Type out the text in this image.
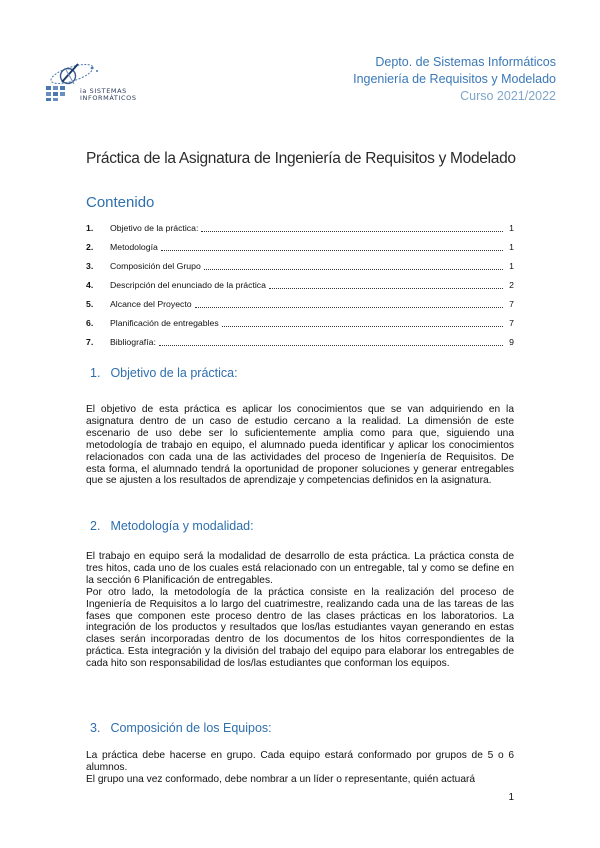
ia SISTEMAS
INFORMÁTICOS
Depto. de Sistemas Informáticos
Ingeniería de Requisitos y Modelado
Curso 2021/2022
Práctica de la Asignatura de Ingeniería de Requisitos y Modelado
Contenido
1.	Objetivo de la práctica:	1
2.	Metodología	1
3.	Composición del Grupo	1
4.	Descripción del enunciado de la práctica	2
5.	Alcance del Proyecto	7
6.	Planificación de entregables	7
7.	Bibliografía:	9
1. Objetivo de la práctica:

El objetivo de esta práctica es aplicar los conocimientos que se van adquiriendo en la asignatura dentro de un caso de estudio cercano a la realidad. La dimensión de este escenario de uso debe ser lo suficientemente amplia como para que, siguiendo una metodología de trabajo en equipo, el alumnado pueda identificar y aplicar los conocimientos relacionados con cada una de las actividades del proceso de Ingeniería de Requisitos. De esta forma, el alumnado tendrá la oportunidad de proponer soluciones y generar entregables que se ajusten a los resultados de aprendizaje y competencias definidos en la asignatura.

2. Metodología y modalidad:

El trabajo en equipo será la modalidad de desarrollo de esta práctica. La práctica consta de tres hitos, cada uno de los cuales está relacionado con un entregable, tal y como se define en la sección 6 Planificación de entregables.

Por otro lado, la metodología de la práctica consiste en la realización del proceso de Ingeniería de Requisitos a lo largo del cuatrimestre, realizando cada una de las tareas de las fases que componen este proceso dentro de las clases prácticas en los laboratorios. La integración de los productos y resultados que los/las estudiantes vayan generando en estas clases serán incorporadas dentro de los documentos de los hitos correspondientes de la práctica. Esta integración y la división del trabajo del equipo para elaborar los entregables de cada hito son responsabilidad de los/las estudiantes que conforman los equipos.

3. Composición de los Equipos:

La práctica debe hacerse en grupo. Cada equipo estará conformado por grupos de 5 o 6 alumnos.

El grupo una vez conformado, debe nombrar a un líder o representante, quién actuará

1
